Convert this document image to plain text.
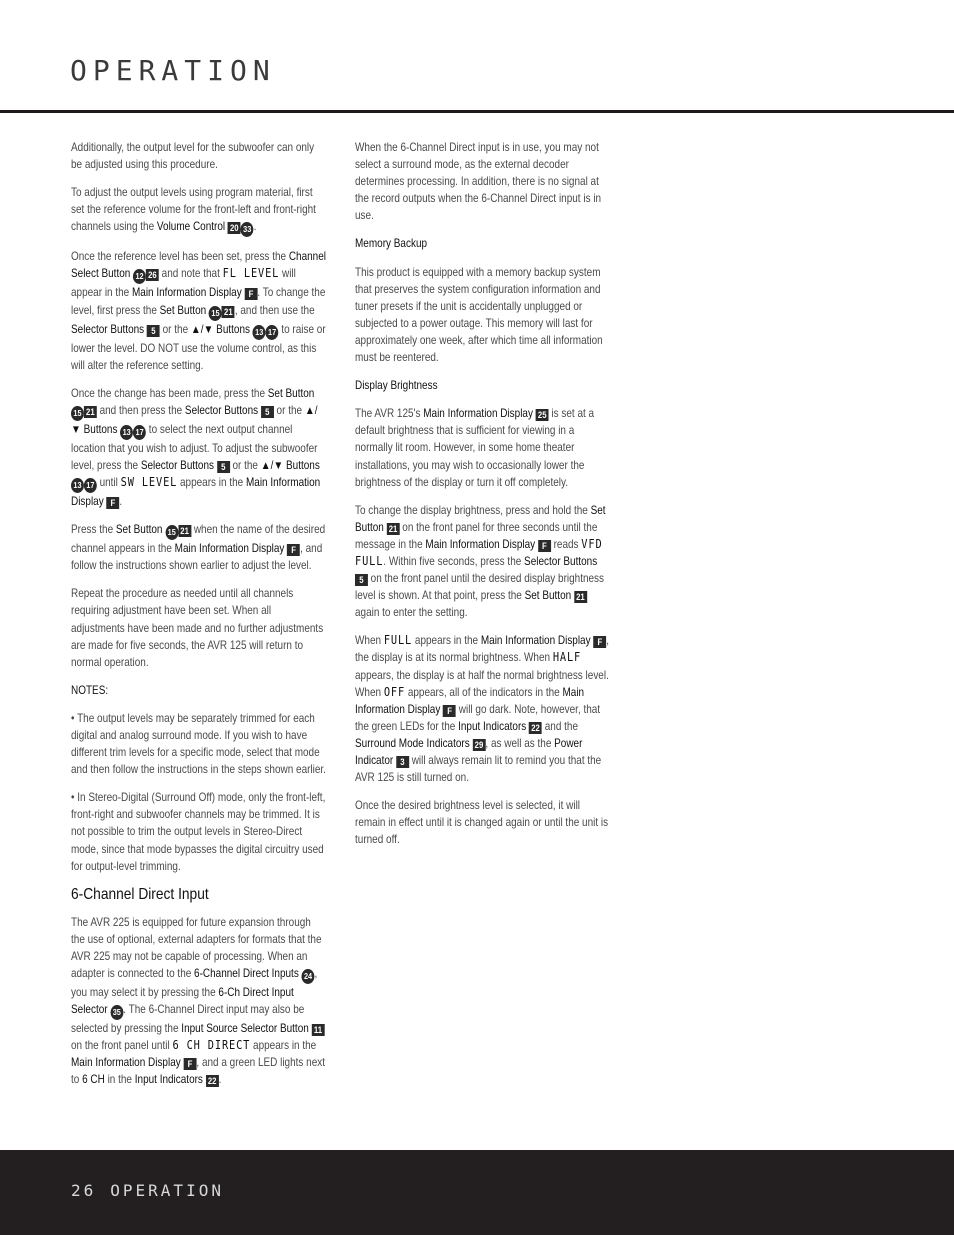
OPERATION

Additionally, the output level for the subwoofer can only be adjusted using this procedure.

To adjust the output levels using program material, first set the reference volume for the front-left and front-right channels using the Volume Control 20 33 .

Once the reference level has been set, press the Channel Select Button 12 26 and note that FL LEVEL will appear in the Main Information Display F . To change the level, first press the Set Button 15 21 , and then use the Selector Buttons 5 or the ▲/▼ Buttons 13 17 to raise or lower the level. DO NOT use the volume control, as this will alter the reference setting.

Once the change has been made, press the Set Button 15 21 and then press the Selector Buttons 5 or the ▲/▼ Buttons 13 17 to select the next output channel location that you wish to adjust. To adjust the subwoofer level, press the Selector Buttons 5 or the ▲/▼ Buttons 13 17 until SW LEVEL appears in the Main Information Display F .

Press the Set Button 15 21 when the name of the desired channel appears in the Main Information Display F , and follow the instructions shown earlier to adjust the level.

Repeat the procedure as needed until all channels requiring adjustment have been set. When all adjustments have been made and no further adjustments are made for five seconds, the AVR 125 will return to normal operation.

NOTES:

• The output levels may be separately trimmed for each digital and analog surround mode. If you wish to have different trim levels for a specific mode, select that mode and then follow the instructions in the steps shown earlier.

• In Stereo-Digital (Surround Off) mode, only the front-left, front-right and subwoofer channels may be trimmed. It is not possible to trim the output levels in Stereo-Direct mode, since that mode bypasses the digital circuitry used for output-level trimming.

6-Channel Direct Input

The AVR 225 is equipped for future expansion through the use of optional, external adapters for formats that the AVR 225 may not be capable of processing. When an adapter is connected to the 6-Channel Direct Inputs 24 , you may select it by pressing the 6-Ch Direct Input Selector 35 . The 6-Channel Direct input may also be selected by pressing the Input Source Selector Button 11 on the front panel until 6 CH DIRECT appears in the Main Information Display F , and a green LED lights next to 6 CH in the Input Indicators 22 .

When the 6-Channel Direct input is in use, you may not select a surround mode, as the external decoder determines processing. In addition, there is no signal at the record outputs when the 6-Channel Direct input is in use.

Memory Backup

This product is equipped with a memory backup system that preserves the system configuration information and tuner presets if the unit is accidentally unplugged or subjected to a power outage. This memory will last for approximately one week, after which time all information must be reentered.

Display Brightness

The AVR 125's Main Information Display 25 is set at a default brightness that is sufficient for viewing in a normally lit room. However, in some home theater installations, you may wish to occasionally lower the brightness of the display or turn it off completely.

To change the display brightness, press and hold the Set Button 21 on the front panel for three seconds until the message in the Main Information Display F reads VFD FULL. Within five seconds, press the Selector Buttons 5 on the front panel until the desired display brightness level is shown. At that point, press the Set Button 21 again to enter the setting.

When FULL appears in the Main Information Display F , the display is at its normal brightness. When HALF appears, the display is at half the normal brightness level. When OFF appears, all of the indicators in the Main Information Display F will go dark. Note, however, that the green LEDs for the Input Indicators 22 and the Surround Mode Indicators 29 , as well as the Power Indicator 3 will always remain lit to remind you that the AVR 125 is still turned on.

Once the desired brightness level is selected, it will remain in effect until it is changed again or until the unit is turned off.

26 OPERATION
